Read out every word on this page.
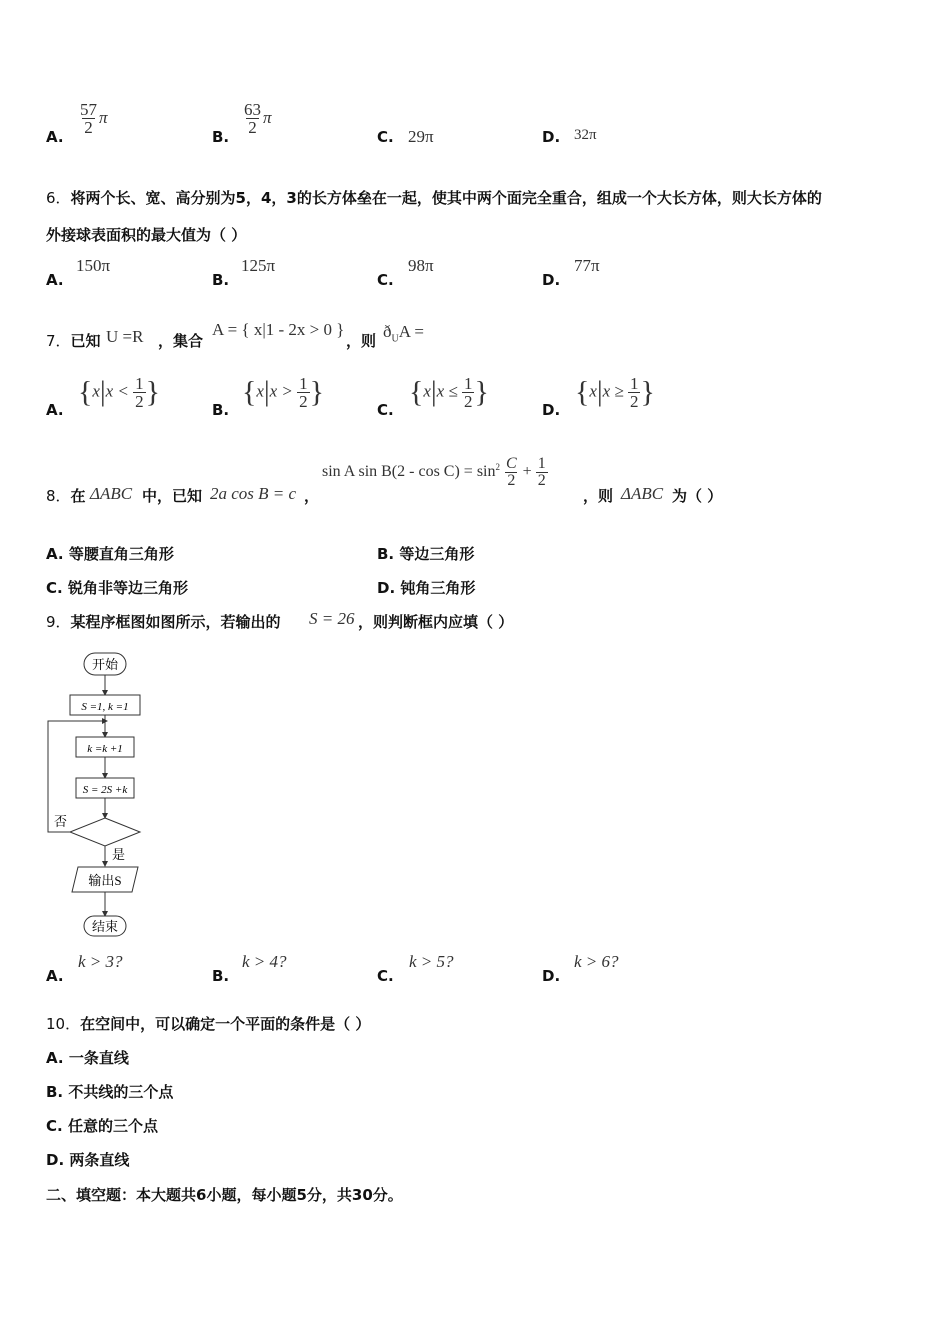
A.
$\frac{57}{2}$ π
B.
$\frac{63}{2}$ π
C. 29π	D. 32π
6．将两个长、宽、高分别为5，4，3的长方体垒在一起，使其中两个面完全重合，组成一个大长方体，则大长方体的
外接球表面积的最大值为（ ）
A.
150π
B.
125π
C.
98π
D.
77π
7．已知 U =R ，集合
A = { x|1 - 2x > 0 }
，则 $ð_UA$ =
A.
{$x|x < \frac{1}{2}$ }
B.
{$x|x > \frac{1}{2}$ }
C.
{$x|x \le \frac{1}{2}$ }
D.
{$x|x \ge \frac{1}{2}$ }
8．在 ΔABC 中，已知 2a cos B = c ，
sin A $\sin B(2 - \cos C) = \sin^2 \frac{C}{2} + \frac{1}{2}$
，则 ΔABC 为（ ）
A. 等腰直角三角形	B. 等边三角形
C. 锐角非等边三角形	D. 钝角三角形
9．某程序框图如图所示，若输出的 S = 26 ，则判断框内应填（ ）
开始
S =1, k =1
k =k +1
S = 2S +k
否
是
输出S
结束
A.
k > 3?
B.
k > 4?
C.
k > 5?
D.
k > 6?
10．在空间中，可以确定一个平面的条件是（ ）
A. 一条直线
B. 不共线的三个点
C. 任意的三个点
D. 两条直线
二、填空题：本大题共6小题，每小题5分，共30分。
